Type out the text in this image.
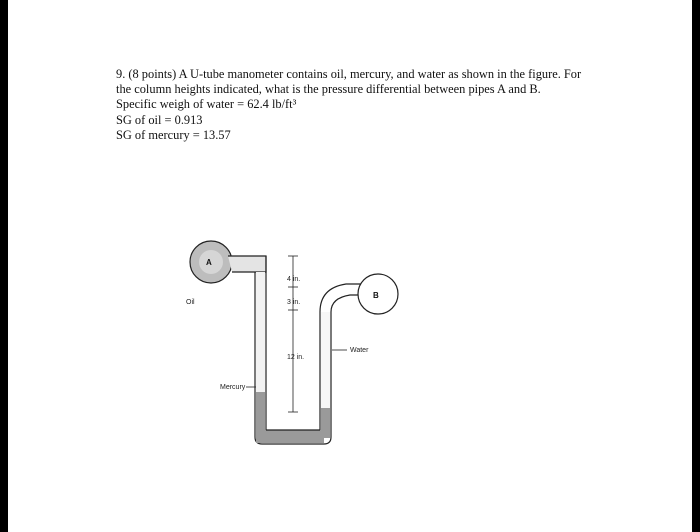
9. (8 points) A U-tube manometer contains oil, mercury, and water as shown in the figure. For the column heights indicated, what is the pressure differential between pipes A and B.

Specific weigh of water = 62.4 lb/ft³

SG of oil = 0.913

SG of mercury = 13.57

A
B
4 in.
3 in.
12 in.
Oil
Mercury
Water
